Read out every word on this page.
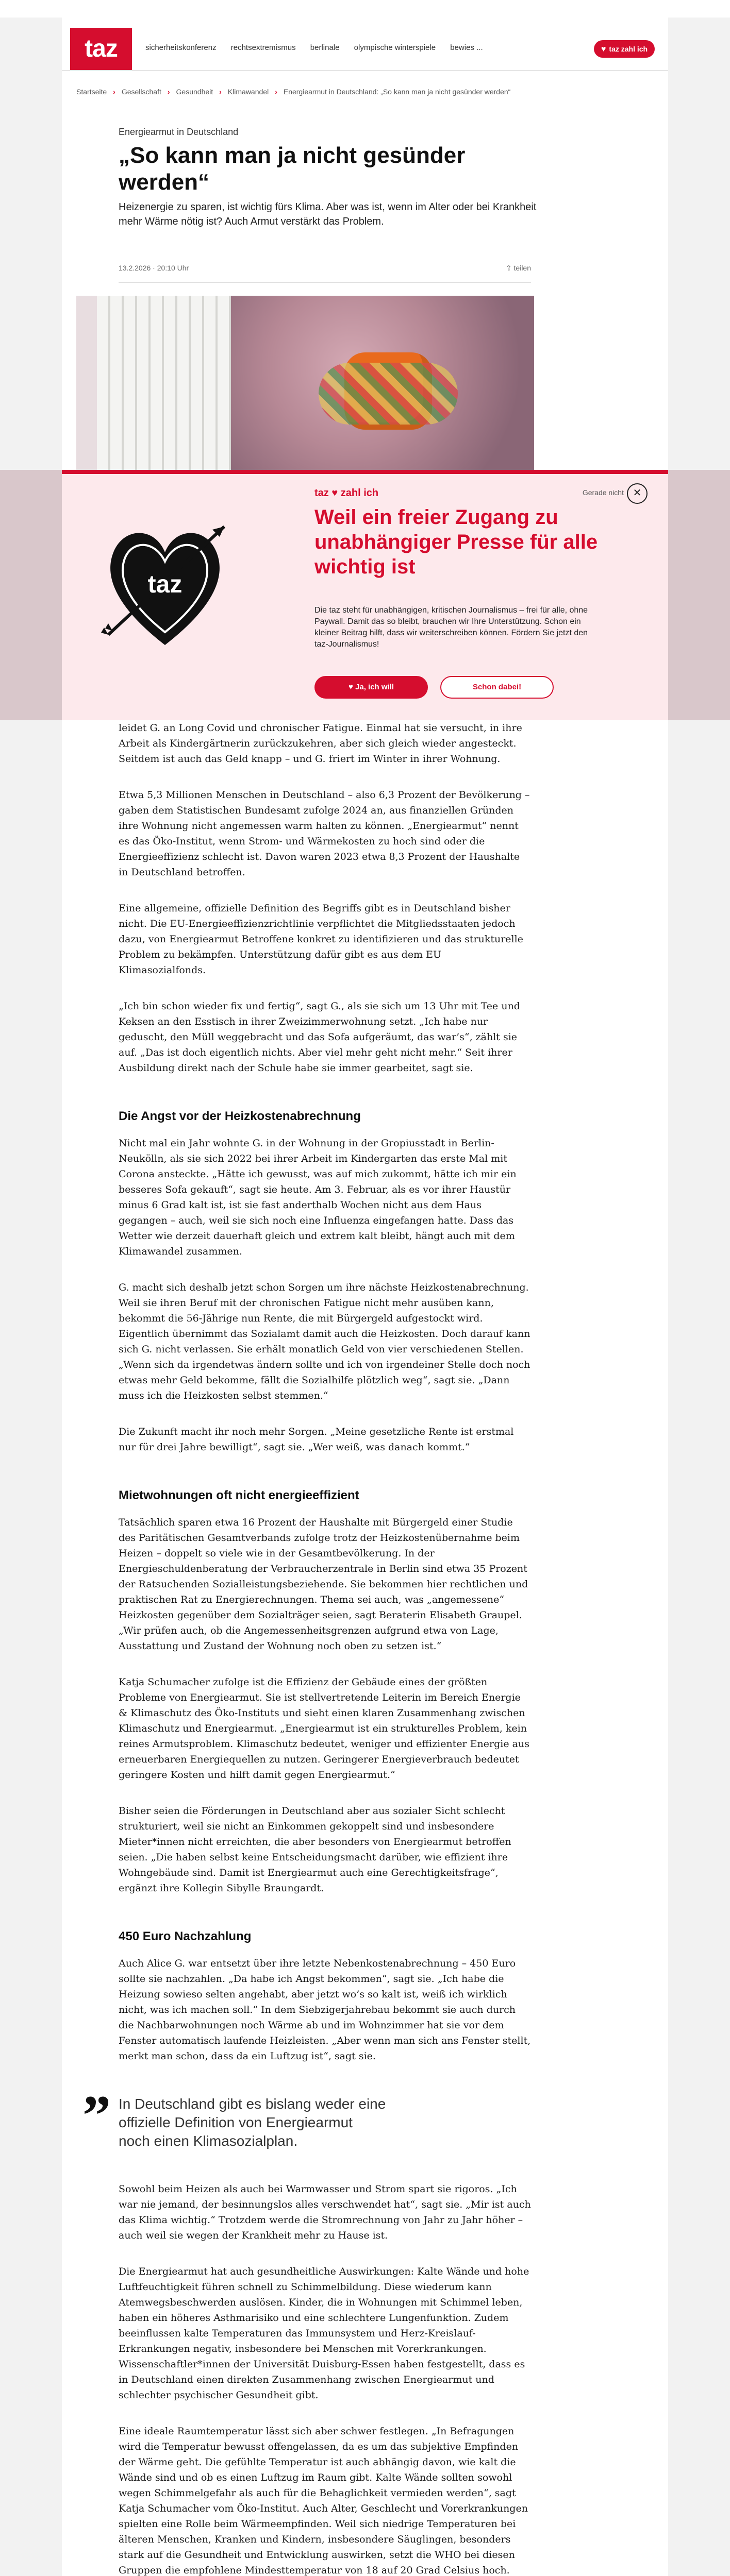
taz	sicherheitskonferenz rechtsextremismus berlinale olympische winterspiele bewies ...	♥ taz zahl ich
Startseite › Gesellschaft › Gesundheit › Klimawandel › Energiearmut in Deutschland: „So kann man ja nicht gesünder werden“
Energiearmut in Deutschland
„So kann man ja nicht gesünder werden“
Heizenergie zu sparen, ist wichtig fürs Klima. Aber was ist, wenn im Alter oder bei Krankheit mehr Wärme nötig ist? Auch Armut verstärkt das Problem.
13.2.2026 · 20:10 Uhr	⇪ teilen
taz
taz ♥ zahl ich	Gerade nicht ✕
Weil ein freier Zugang zu unabhängiger Presse für alle wichtig ist
Die taz steht für unabhängigen, kritischen Journalismus – frei für alle, ohne Paywall. Damit das so bleibt, brauchen wir Ihre Unterstützung. Schon ein kleiner Beitrag hilft, dass wir weiterschreiben können. Fördern Sie jetzt den taz-Journalismus!
♥ Ja, ich will	Schon dabei!

leidet G. an Long Covid und chronischer Fatigue. Einmal hat sie versucht, in ihre Arbeit als Kindergärtnerin zurückzukehren, aber sich gleich wieder angesteckt. Seitdem ist auch das Geld knapp – und G. friert im Winter in ihrer Wohnung.

Etwa 5,3 Millionen Menschen in Deutschland – also 6,3 Prozent der Bevölkerung – gaben dem Statistischen Bundesamt zufolge 2024 an, aus finanziellen Gründen ihre Wohnung nicht angemessen warm halten zu können. „Energiearmut“ nennt es das Öko-Institut, wenn Strom- und Wärmekosten zu hoch sind oder die Energieeffizienz schlecht ist. Davon waren 2023 etwa 8,3 Prozent der Haushalte in Deutschland betroffen.

Eine allgemeine, offizielle Definition des Begriffs gibt es in Deutschland bisher nicht. Die EU-Energieeffizienzrichtlinie verpflichtet die Mitgliedsstaaten jedoch dazu, von Energiearmut Betroffene konkret zu identifizieren und das strukturelle Problem zu bekämpfen. Unterstützung dafür gibt es aus dem EU Klimasozialfonds.

„Ich bin schon wieder fix und fertig“, sagt G., als sie sich um 13 Uhr mit Tee und Keksen an den Esstisch in ihrer Zweizimmerwohnung setzt. „Ich habe nur geduscht, den Müll weggebracht und das Sofa aufgeräumt, das war’s“, zählt sie auf. „Das ist doch eigentlich nichts. Aber viel mehr geht nicht mehr.“ Seit ihrer Ausbildung direkt nach der Schule habe sie immer gearbeitet, sagt sie.

Die Angst vor der Heizkostenabrechnung

Nicht mal ein Jahr wohnte G. in der Wohnung in der Gropiusstadt in Berlin-Neukölln, als sie sich 2022 bei ihrer Arbeit im Kindergarten das erste Mal mit Corona ansteckte. „Hätte ich gewusst, was auf mich zukommt, hätte ich mir ein besseres Sofa gekauft“, sagt sie heute. Am 3. Februar, als es vor ihrer Haustür minus 6 Grad kalt ist, ist sie fast anderthalb Wochen nicht aus dem Haus gegangen – auch, weil sie sich noch eine Influenza eingefangen hatte. Dass das Wetter wie derzeit dauerhaft gleich und extrem kalt bleibt, hängt auch mit dem Klimawandel zusammen.

G. macht sich deshalb jetzt schon Sorgen um ihre nächste Heizkostenabrechnung. Weil sie ihren Beruf mit der chronischen Fatigue nicht mehr ausüben kann, bekommt die 56-Jährige nun Rente, die mit Bürgergeld aufgestockt wird. Eigentlich übernimmt das Sozialamt damit auch die Heizkosten. Doch darauf kann sich G. nicht verlassen. Sie erhält monatlich Geld von vier verschiedenen Stellen. „Wenn sich da irgendetwas ändern sollte und ich von irgendeiner Stelle doch noch etwas mehr Geld bekomme, fällt die Sozialhilfe plötzlich weg“, sagt sie. „Dann muss ich die Heizkosten selbst stemmen.“

Die Zukunft macht ihr noch mehr Sorgen. „Meine gesetzliche Rente ist erstmal nur für drei Jahre bewilligt“, sagt sie. „Wer weiß, was danach kommt.“

Mietwohnungen oft nicht energieeffizient

Tatsächlich sparen etwa 16 Prozent der Haushalte mit Bürgergeld einer Studie des Paritätischen Gesamtverbands zufolge trotz der Heizkostenübernahme beim Heizen – doppelt so viele wie in der Gesamtbevölkerung. In der Energieschuldenberatung der Verbraucherzentrale in Berlin sind etwa 35 Prozent der Ratsuchenden Sozialleistungsbeziehende. Sie bekommen hier rechtlichen und praktischen Rat zu Energierechnungen. Thema sei auch, was „angemessene“ Heizkosten gegenüber dem Sozialträger seien, sagt Beraterin Elisabeth Graupel. „Wir prüfen auch, ob die Angemessenheitsgrenzen aufgrund etwa von Lage, Ausstattung und Zustand der Wohnung noch oben zu setzen ist.“

Katja Schumacher zufolge ist die Effizienz der Gebäude eines der größten Probleme von Energiearmut. Sie ist stellvertretende Leiterin im Bereich Energie & Klimaschutz des Öko-Instituts und sieht einen klaren Zusammenhang zwischen Klimaschutz und Energiearmut. „Energiearmut ist ein strukturelles Problem, kein reines Armutsproblem. Klimaschutz bedeutet, weniger und effizienter Energie aus erneuerbaren Energiequellen zu nutzen. Geringerer Energieverbrauch bedeutet geringere Kosten und hilft damit gegen Energiearmut.“

Bisher seien die Förderungen in Deutschland aber aus sozialer Sicht schlecht strukturiert, weil sie nicht an Einkommen gekoppelt sind und insbesondere Mieter*innen nicht erreichten, die aber besonders von Energiearmut betroffen seien. „Die haben selbst keine Entscheidungsmacht darüber, wie effizient ihre Wohngebäude sind. Damit ist Energiearmut auch eine Gerechtigkeitsfrage“, ergänzt ihre Kollegin Sibylle Braungardt.

450 Euro Nachzahlung

Auch Alice G. war entsetzt über ihre letzte Nebenkostenabrechnung – 450 Euro sollte sie nachzahlen. „Da habe ich Angst bekommen“, sagt sie. „Ich habe die Heizung sowieso selten angehabt, aber jetzt wo’s so kalt ist, weiß ich wirklich nicht, was ich machen soll.“ In dem Siebzigerjahrebau bekommt sie auch durch die Nachbarwohnungen noch Wärme ab und im Wohnzimmer hat sie vor dem Fenster automatisch laufende Heizleisten. „Aber wenn man sich ans Fenster stellt, merkt man schon, dass da ein Luftzug ist“, sagt sie.

” In Deutschland gibt es bislang weder eine offizielle Definition von Energiearmut noch einen Klimasozialplan.

Sowohl beim Heizen als auch bei Warmwasser und Strom spart sie rigoros. „Ich war nie jemand, der besinnungslos alles verschwendet hat“, sagt sie. „Mir ist auch das Klima wichtig.“ Trotzdem werde die Stromrechnung von Jahr zu Jahr höher – auch weil sie wegen der Krankheit mehr zu Hause ist.

Die Energiearmut hat auch gesundheitliche Auswirkungen: Kalte Wände und hohe Luftfeuchtigkeit führen schnell zu Schimmelbildung. Diese wiederum kann Atemwegsbeschwerden auslösen. Kinder, die in Wohnungen mit Schimmel leben, haben ein höheres Asthmarisiko und eine schlechtere Lungenfunktion. Zudem beeinflussen kalte Temperaturen das Immunsystem und Herz-Kreislauf-Erkrankungen negativ, insbesondere bei Menschen mit Vorerkrankungen. Wissenschaftler*innen der Universität Duisburg-Essen haben festgestellt, dass es in Deutschland einen direkten Zusammenhang zwischen Energiearmut und schlechter psychischer Gesundheit gibt.

Eine ideale Raumtemperatur lässt sich aber schwer festlegen. „In Befragungen wird die Temperatur bewusst offengelassen, da es um das subjektive Empfinden der Wärme geht. Die gefühlte Temperatur ist auch abhängig davon, wie kalt die Wände sind und ob es einen Luftzug im Raum gibt. Kalte Wände sollten sowohl wegen Schimmelgefahr als auch für die Behaglichkeit vermieden werden“, sagt Katja Schumacher vom Öko-Institut. Auch Alter, Geschlecht und Vorerkrankungen spielten eine Rolle beim Wärmeempfinden. Weil sich niedrige Temperaturen bei älteren Menschen, Kranken und Kindern, insbesondere Säuglingen, besonders stark auf die Gesundheit und Entwicklung auswirken, setzt die WHO bei diesen Gruppen die empfohlene Mindesttemperatur von 18 auf 20 Grad Celsius hoch.
